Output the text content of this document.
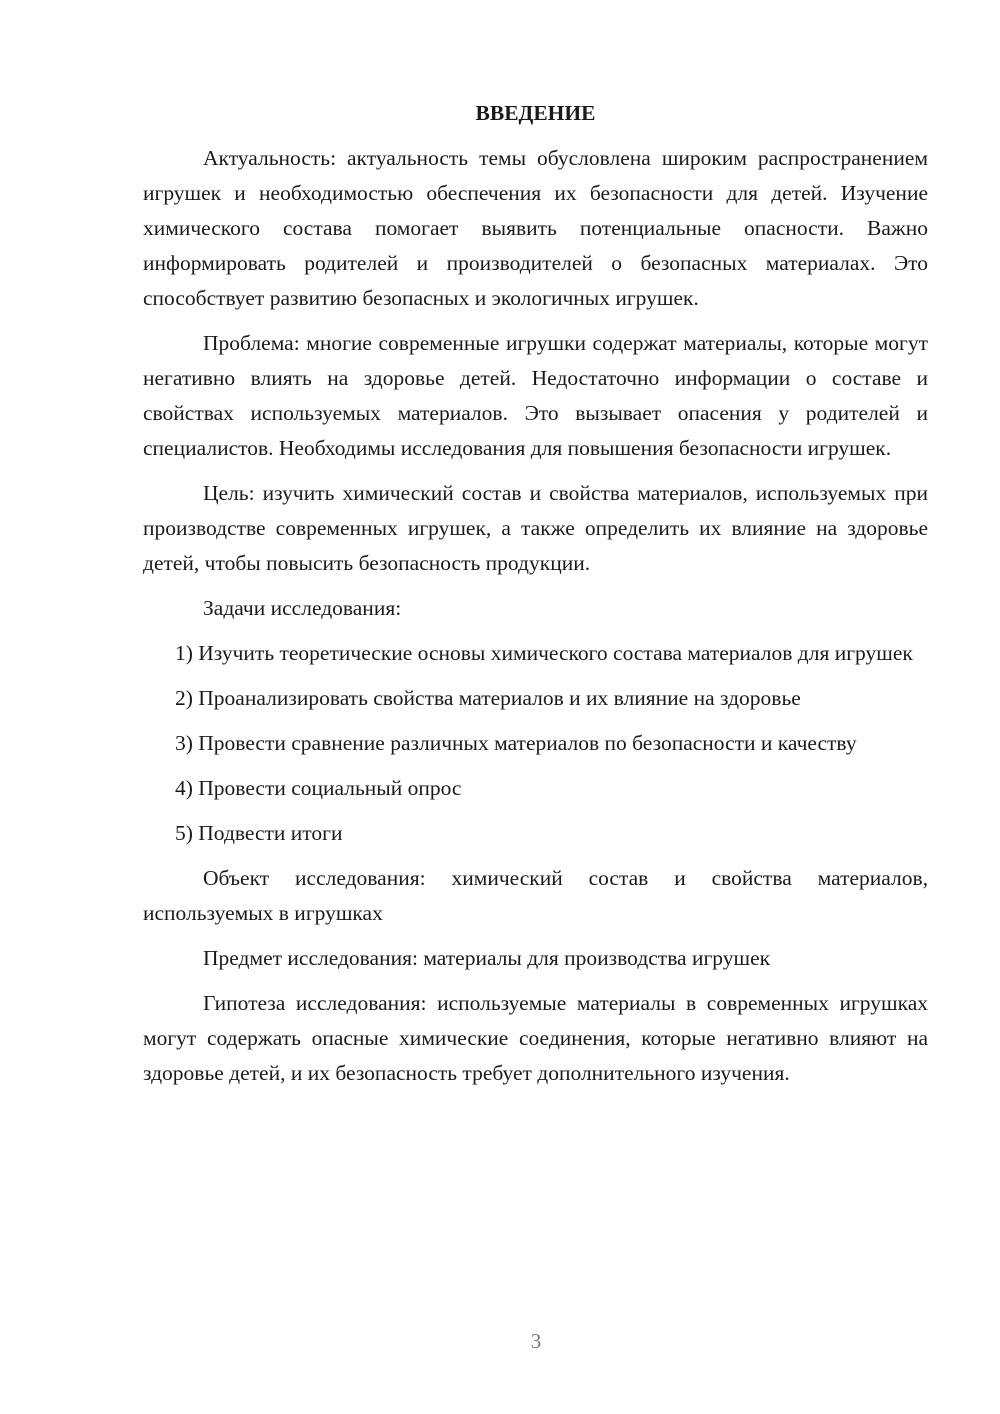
ВВЕДЕНИЕ

Актуальность: актуальность темы обусловлена широким распространением игрушек и необходимостью обеспечения их безопасности для детей. Изучение химического состава помогает выявить потенциальные опасности. Важно информировать родителей и производителей о безопасных материалах. Это способствует развитию безопасных и экологичных игрушек.

Проблема: многие современные игрушки содержат материалы, которые могут негативно влиять на здоровье детей. Недостаточно информации о составе и свойствах используемых материалов. Это вызывает опасения у родителей и специалистов. Необходимы исследования для повышения безопасности игрушек.

Цель: изучить химический состав и свойства материалов, используемых при производстве современных игрушек, а также определить их влияние на здоровье детей, чтобы повысить безопасность продукции.

Задачи исследования:

1) Изучить теоретические основы химического состава материалов для игрушек

2) Проанализировать свойства материалов и их влияние на здоровье

3) Провести сравнение различных материалов по безопасности и качеству

4) Провести социальный опрос

5) Подвести итоги

Объект исследования: химический состав и свойства материалов, используемых в игрушках

Предмет исследования: материалы для производства игрушек

Гипотеза исследования: используемые материалы в современных игрушках могут содержать опасные химические соединения, которые негативно влияют на здоровье детей, и их безопасность требует дополнительного изучения.

3
